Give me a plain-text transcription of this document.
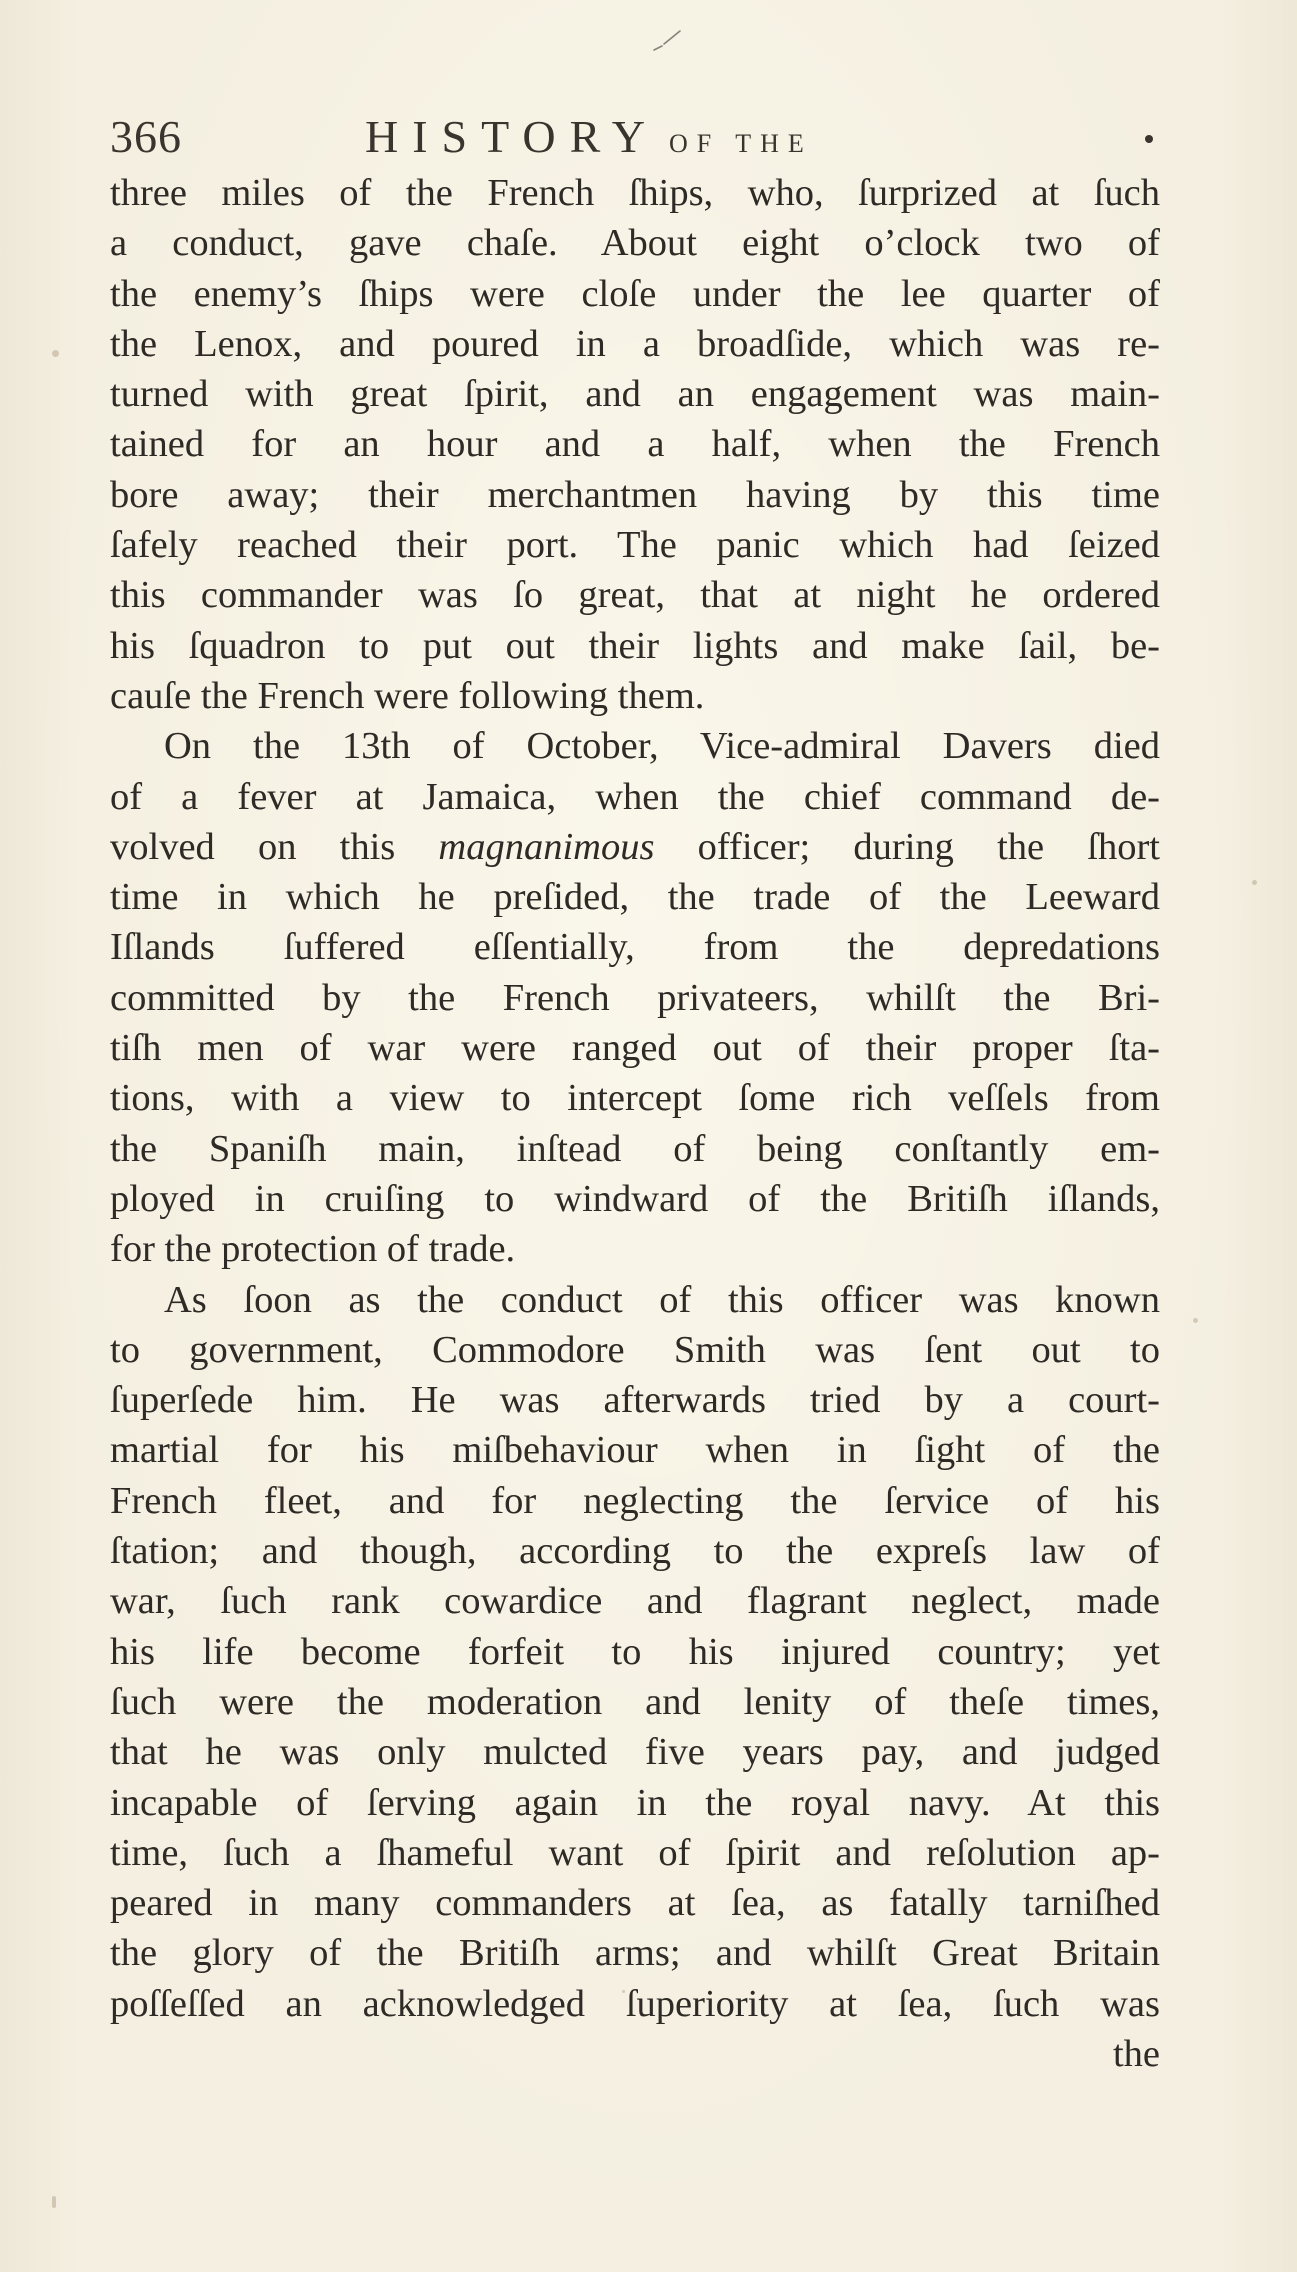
366	HISTORY OF THE
three miles of the French ſhips, who, ſurprized at ſuch
a conduct, gave chaſe. About eight o’clock two of
the enemy’s ſhips were cloſe under the lee quarter of
the Lenox, and poured in a broadſide, which was re-
turned with great ſpirit, and an engagement was main-
tained for an hour and a half, when the French
bore away; their merchantmen having by this time
ſafely reached their port. The panic which had ſeized
this commander was ſo great, that at night he ordered
his ſquadron to put out their lights and make ſail, be-
cauſe the French were following them.
On the 13th of October, Vice-admiral Davers died
of a fever at Jamaica, when the chief command de-
volved on this magnanimous officer; during the ſhort
time in which he preſided, the trade of the Leeward
Iſlands ſuffered eſſentially, from the depredations
committed by the French privateers, whilſt the Bri-
tiſh men of war were ranged out of their proper ſta-
tions, with a view to intercept ſome rich veſſels from
the Spaniſh main, inſtead of being conſtantly em-
ployed in cruiſing to windward of the Britiſh iſlands,
for the protection of trade.
As ſoon as the conduct of this officer was known
to government, Commodore Smith was ſent out to
ſuperſede him. He was afterwards tried by a court-
martial for his miſbehaviour when in ſight of the
French fleet, and for neglecting the ſervice of his
ſtation; and though, according to the expreſs law of
war, ſuch rank cowardice and flagrant neglect, made
his life become forfeit to his injured country; yet
ſuch were the moderation and lenity of theſe times,
that he was only mulcted five years pay, and judged
incapable of ſerving again in the royal navy. At this
time, ſuch a ſhameful want of ſpirit and reſolution ap-
peared in many commanders at ſea, as fatally tarniſhed
the glory of the Britiſh arms; and whilſt Great Britain
poſſeſſed an acknowledged ſuperiority at ſea, ſuch was
the
